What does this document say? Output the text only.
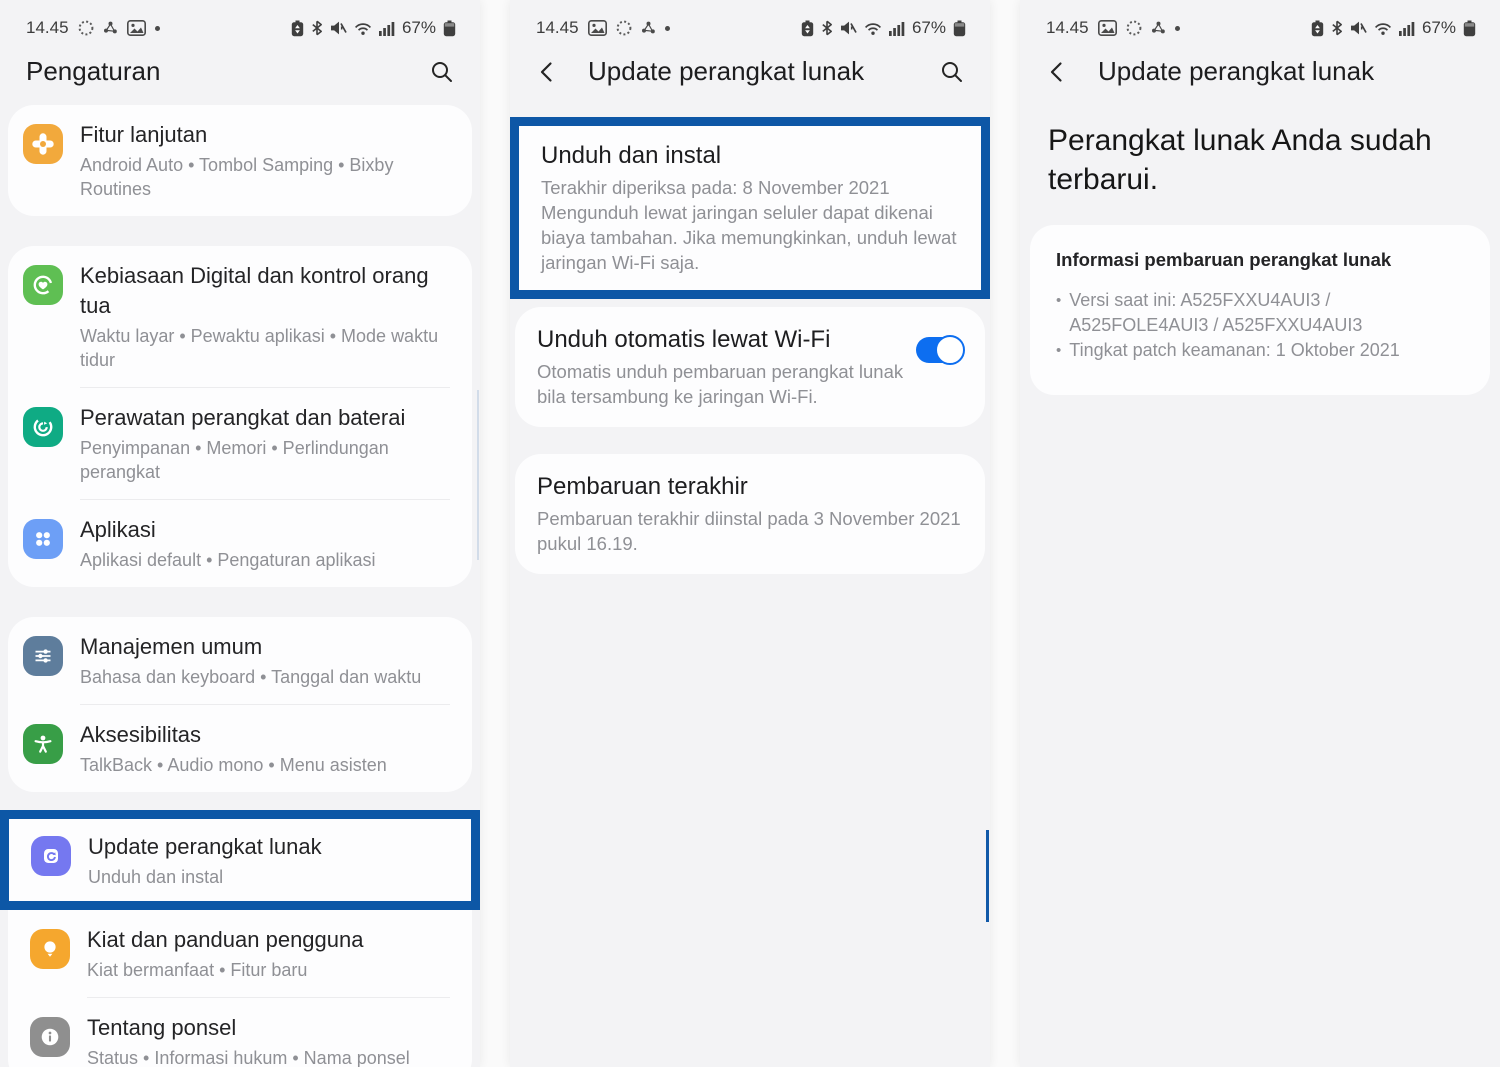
14.45	67%
Pengaturan
Fitur lanjutan
Android Auto • Tombol Samping • Bixby Routines
Kebiasaan Digital dan kontrol orang tua
Waktu layar • Pewaktu aplikasi • Mode waktu tidur
Perawatan perangkat dan baterai
Penyimpanan • Memori • Perlindungan perangkat
Aplikasi
Aplikasi default • Pengaturan aplikasi
Manajemen umum
Bahasa dan keyboard • Tanggal dan waktu
Aksesibilitas
TalkBack • Audio mono • Menu asisten
Update perangkat lunak
Unduh dan instal
Kiat dan panduan pengguna
Kiat bermanfaat • Fitur baru
Tentang ponsel
Status • Informasi hukum • Nama ponsel
14.45	67%
Update perangkat lunak
Unduh dan instal
Terakhir diperiksa pada: 8 November 2021
Mengunduh lewat jaringan seluler dapat dikenai biaya tambahan. Jika memungkinkan, unduh lewat jaringan Wi-Fi saja.
Unduh otomatis lewat Wi-Fi
Otomatis unduh pembaruan perangkat lunak bila tersambung ke jaringan Wi-Fi.
Pembaruan terakhir
Pembaruan terakhir diinstal pada 3 November 2021 pukul 16.19.
14.45	67%
Update perangkat lunak
Perangkat lunak Anda sudah terbarui.
Informasi pembaruan perangkat lunak
• Versi saat ini: A525FXXU4AUI3 / A525FOLE4AUI3 / A525FXXU4AUI3
• Tingkat patch keamanan: 1 Oktober 2021
